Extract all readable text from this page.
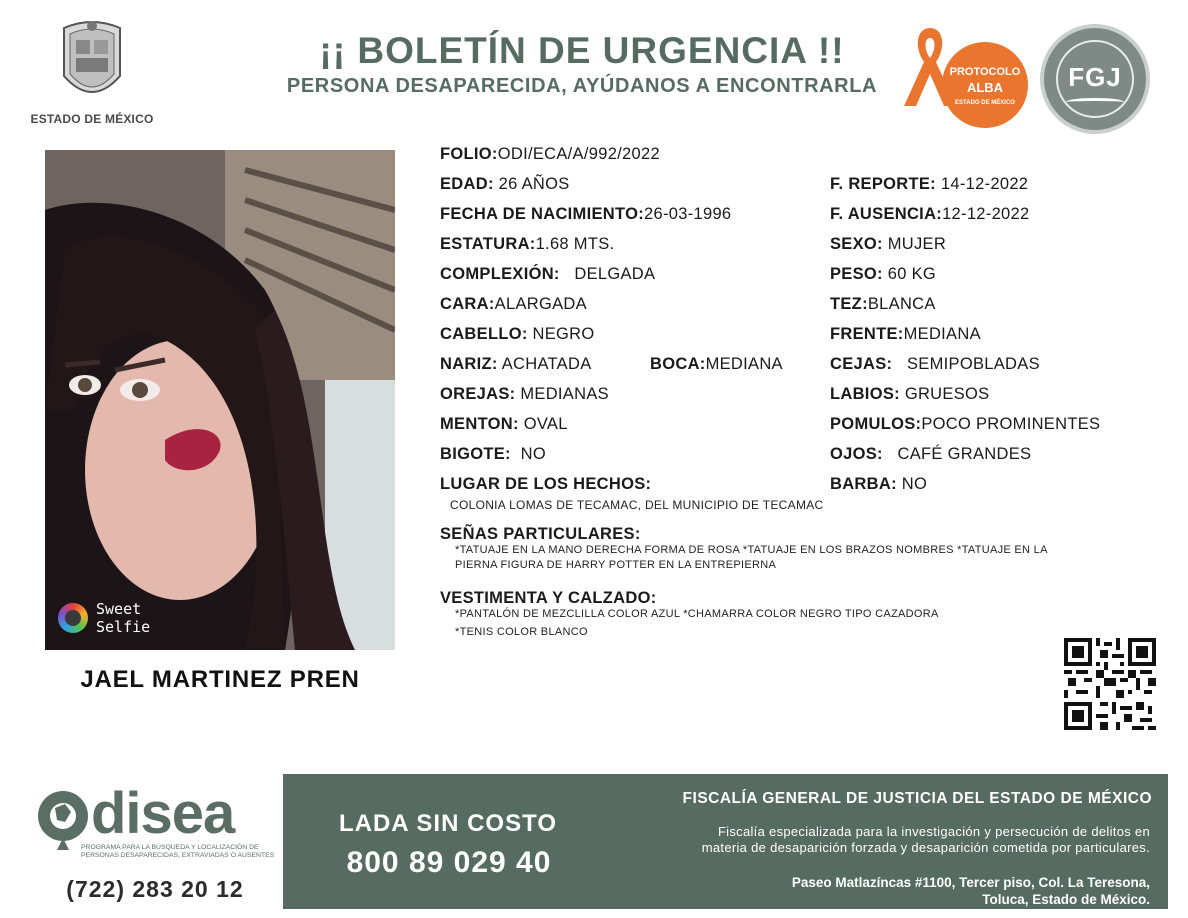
ESTADO DE MÉXICO
¡¡ BOLETÍN DE URGENCIA !!
PERSONA DESAPARECIDA, AYÚDANOS A ENCONTRARLA
PROTOCOLO
ALBA
ESTADO DE MÉXICO
FGJ
Sweet
Selfie
JAEL MARTINEZ PREN
FOLIO:ODI/ECA/A/992/2022
EDAD: 26 AÑOS	F. REPORTE: 14-12-2022
FECHA DE NACIMIENTO:26-03-1996	F. AUSENCIA:12-12-2022
ESTATURA:1.68 MTS.	SEXO: MUJER
COMPLEXIÓN: DELGADA	PESO: 60 KG
CARA:ALARGADA	TEZ:BLANCA
CABELLO: NEGRO	FRENTE:MEDIANA
NARIZ: ACHATADA	BOCA:MEDIANA	CEJAS: SEMIPOBLADAS
OREJAS: MEDIANAS	LABIOS: GRUESOS
MENTON: OVAL	POMULOS:POCO PROMINENTES
BIGOTE: NO	OJOS: CAFÉ GRANDES
LUGAR DE LOS HECHOS:	BARBA: NO
COLONIA LOMAS DE TECAMAC, DEL MUNICIPIO DE TECAMAC
SEÑAS PARTICULARES:
*TATUAJE EN LA MANO DERECHA FORMA DE ROSA *TATUAJE EN LOS BRAZOS NOMBRES *TATUAJE EN LA
PIERNA FIGURA DE HARRY POTTER EN LA ENTREPIERNA
VESTIMENTA Y CALZADO:
*PANTALÓN DE MEZCLILLA COLOR AZUL *CHAMARRA COLOR NEGRO TIPO CAZADORA
*TENIS COLOR BLANCO
disea
PROGRAMA PARA LA BÚSQUEDA Y LOCALIZACIÓN DE PERSONAS DESAPARECIDAS, EXTRAVIADAS O AUSENTES
(722) 283 20 12
LADA SIN COSTO
800 89 029 40
FISCALÍA GENERAL DE JUSTICIA DEL ESTADO DE MÉXICO
Fiscalía especializada para la investigación y persecución de delitos en
materia de desaparición forzada y desaparición cometida por particulares.
Paseo Matlazíncas #1100, Tercer piso, Col. La Teresona,
Toluca, Estado de México.
